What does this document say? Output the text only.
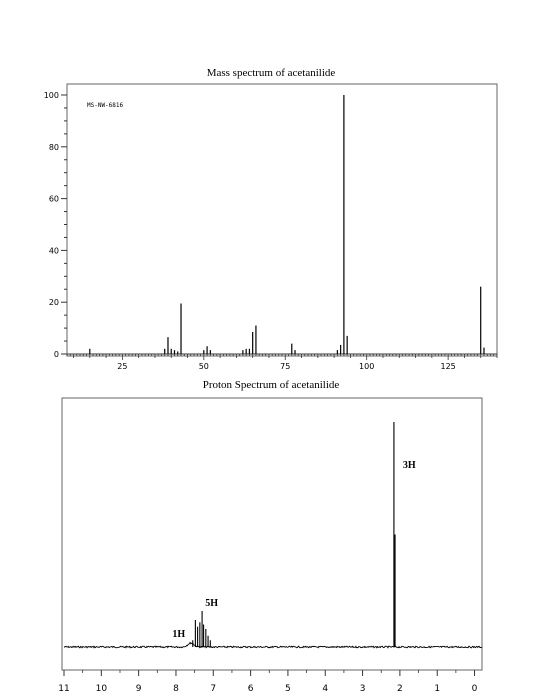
Mass spectrum of acetanilide
MS-NW-6816
0
20
40
60
80
100
25	50	75	100	125
Proton Spectrum of acetanilide
1H
5H
3H
11	10	9	8	7	6	5	4	3	2	1	0
